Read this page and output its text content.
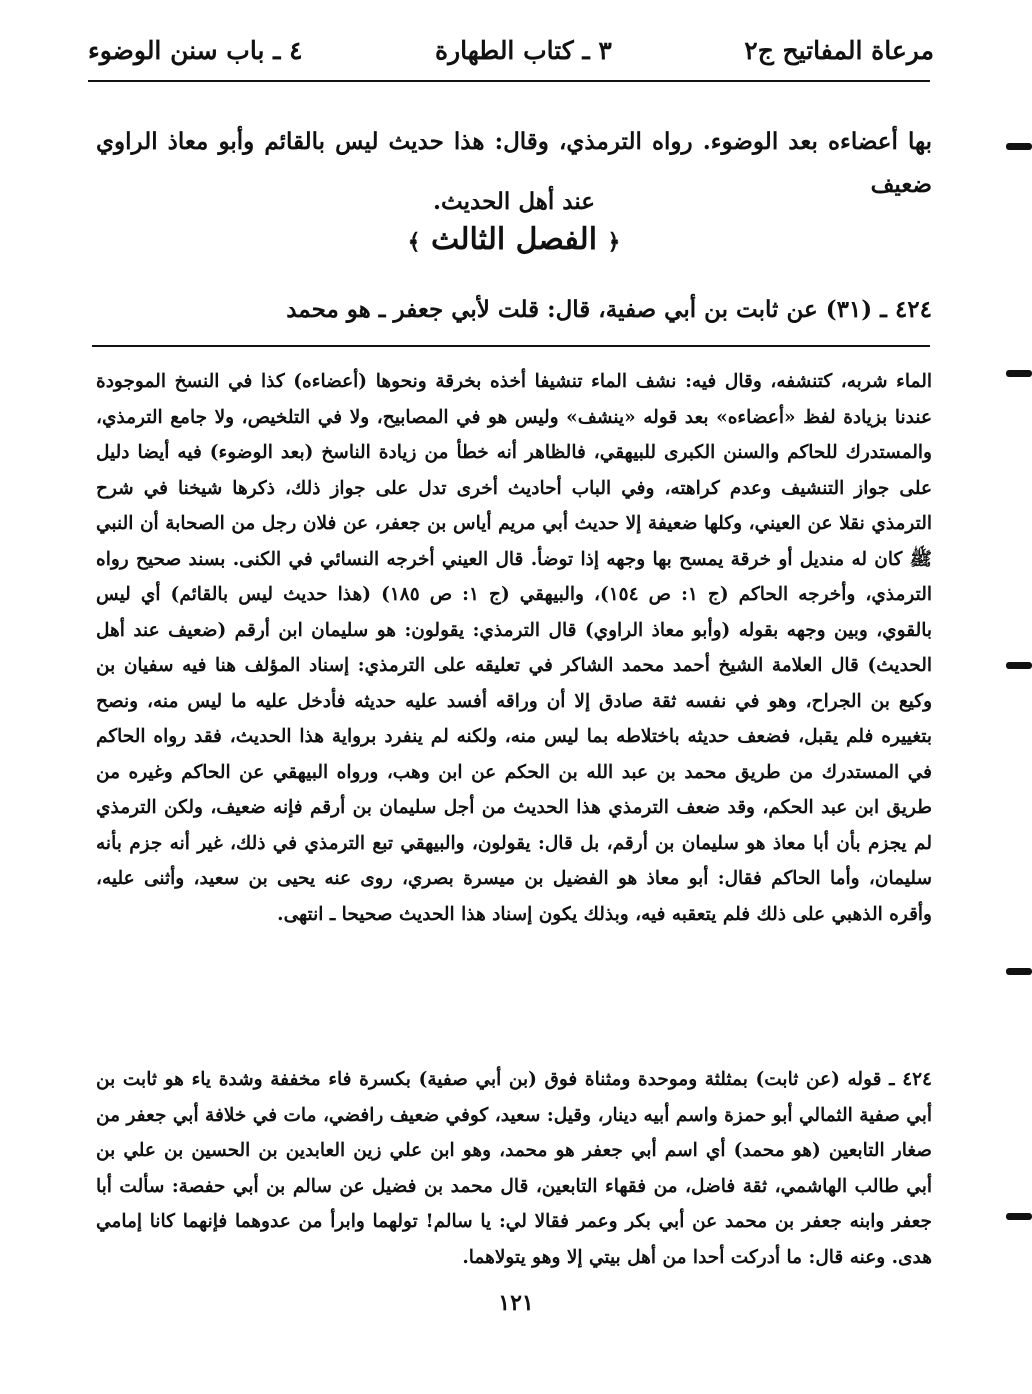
مرعاة المفاتيح ج٢
٣ ـ كتاب الطهارة
٤ ـ باب سنن الوضوء

بها أعضاءه بعد الوضوء. رواه الترمذي، وقال: هذا حديث ليس بالقائم وأبو معاذ الراوي ضعيف

عند أهل الحديث.

﴿ الفصل الثالث ﴾

٤٢٤ ـ (٣١) عن ثابت بن أبي صفية، قال: قلت لأبي جعفر ـ هو محمد

الماء شربه، كتنشفه، وقال فيه: نشف الماء تنشيفا أخذه بخرقة ونحوها (أعضاءه) كذا في النسخ الموجودة عندنا بزيادة لفظ «أعضاءه» بعد قوله «ينشف» وليس هو في المصابيح، ولا في التلخيص، ولا جامع الترمذي، والمستدرك للحاكم والسنن الكبرى للبيهقي، فالظاهر أنه خطأ من زيادة الناسخ (بعد الوضوء) فيه أيضا دليل على جواز التنشيف وعدم كراهته، وفي الباب أحاديث أخرى تدل على جواز ذلك، ذكرها شيخنا في شرح الترمذي نقلا عن العيني، وكلها ضعيفة إلا حديث أبي مريم أياس بن جعفر، عن فلان رجل من الصحابة أن النبي ﷺ كان له منديل أو خرقة يمسح بها وجهه إذا توضأ. قال العيني أخرجه النسائي في الكنى. بسند صحيح رواه الترمذي، وأخرجه الحاكم (ج ١: ص ١٥٤)، والبيهقي (ج ١: ص ١٨٥) (هذا حديث ليس بالقائم) أي ليس بالقوي، وبين وجهه بقوله (وأبو معاذ الراوي) قال الترمذي: يقولون: هو سليمان ابن أرقم (ضعيف عند أهل الحديث) قال العلامة الشيخ أحمد محمد الشاكر في تعليقه على الترمذي: إسناد المؤلف هنا فيه سفيان بن وكيع بن الجراح، وهو في نفسه ثقة صادق إلا أن وراقه أفسد عليه حديثه فأدخل عليه ما ليس منه، ونصح بتغييره فلم يقبل، فضعف حديثه باختلاطه بما ليس منه، ولكنه لم ينفرد برواية هذا الحديث، فقد رواه الحاكم في المستدرك من طريق محمد بن عبد الله بن الحكم عن ابن وهب، ورواه البيهقي عن الحاكم وغيره من طريق ابن عبد الحكم، وقد ضعف الترمذي هذا الحديث من أجل سليمان بن أرقم فإنه ضعيف، ولكن الترمذي لم يجزم بأن أبا معاذ هو سليمان بن أرقم، بل قال: يقولون، والبيهقي تبع الترمذي في ذلك، غير أنه جزم بأنه سليمان، وأما الحاكم فقال: أبو معاذ هو الفضيل بن ميسرة بصري، روى عنه يحيى بن سعيد، وأثنى عليه، وأقره الذهبي على ذلك فلم يتعقبه فيه، وبذلك يكون إسناد هذا الحديث صحيحا ـ انتهى.

٤٢٤ ـ قوله (عن ثابت) بمثلثة وموحدة ومثناة فوق (بن أبي صفية) بكسرة فاء مخففة وشدة ياء هو ثابت بن أبي صفية الثمالي أبو حمزة واسم أبيه دينار، وقيل: سعيد، كوفي ضعيف رافضي، مات في خلافة أبي جعفر من صغار التابعين (هو محمد) أي اسم أبي جعفر هو محمد، وهو ابن علي زين العابدين بن الحسين بن علي بن أبي طالب الهاشمي، ثقة فاضل، من فقهاء التابعين، قال محمد بن فضيل عن سالم بن أبي حفصة: سألت أبا جعفر وابنه جعفر بن محمد عن أبي بكر وعمر فقالا لي: يا سالم! تولهما وابرأ من عدوهما فإنهما كانا إمامي هدى. وعنه قال: ما أدركت أحدا من أهل بيتي إلا وهو يتولاهما.

١٢١
